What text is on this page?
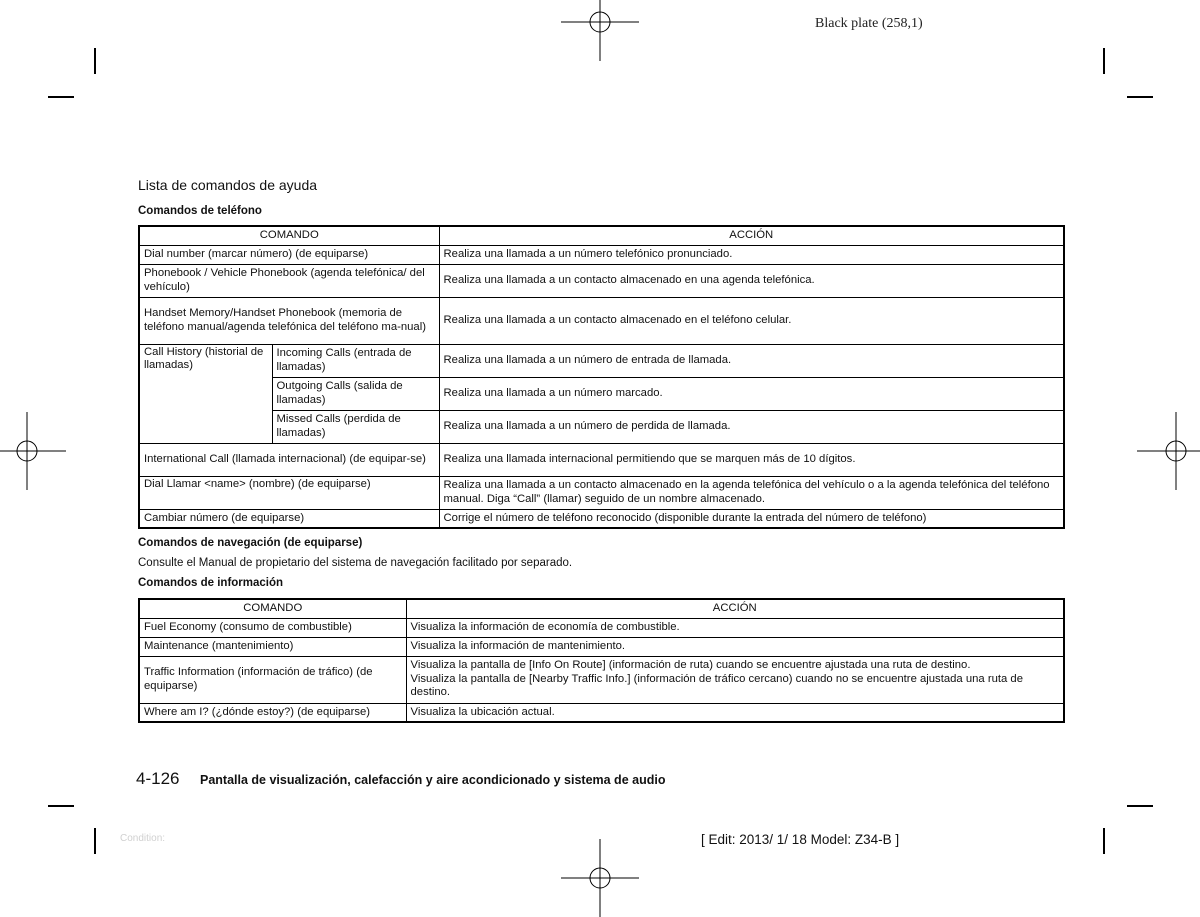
Black plate (258,1)
Lista de comandos de ayuda
Comandos de teléfono
COMANDO		ACCIÓN
Dial number (marcar número) (de equiparse)		Realiza una llamada a un número telefónico pronunciado.
Phonebook / Vehicle Phonebook (agenda telefónica/ del vehículo)		Realiza una llamada a un contacto almacenado en una agenda telefónica.
Handset Memory/Handset Phonebook (memoria de teléfono manual/agenda telefónica del teléfono ma-nual)		Realiza una llamada a un contacto almacenado en el teléfono celular.
Call History (historial de llamadas)	Incoming Calls (entrada de llamadas)	Realiza una llamada a un número de entrada de llamada.
	Outgoing Calls (salida de llamadas)	Realiza una llamada a un número marcado.
	Missed Calls (perdida de llamadas)	Realiza una llamada a un número de perdida de llamada.
International Call (llamada internacional) (de equipar-se)		Realiza una llamada internacional permitiendo que se marquen más de 10 dígitos.
Dial Llamar <name> (nombre) (de equiparse)		Realiza una llamada a un contacto almacenado en la agenda telefónica del vehículo o a la agenda telefónica del teléfono manual. Diga “Call” (llamar) seguido de un nombre almacenado.
Cambiar número (de equiparse)		Corrige el número de teléfono reconocido (disponible durante la entrada del número de teléfono)
Comandos de navegación (de equiparse)
Consulte el Manual de propietario del sistema de navegación facilitado por separado.
Comandos de información
COMANDO	ACCIÓN
Fuel Economy (consumo de combustible)	Visualiza la información de economía de combustible.
Maintenance (mantenimiento)	Visualiza la información de mantenimiento.
Traffic Information (información de tráfico) (de equiparse)	Visualiza la pantalla de [Info On Route] (información de ruta) cuando se encuentre ajustada una ruta de destino.
Visualiza la pantalla de [Nearby Traffic Info.] (información de tráfico cercano) cuando no se encuentre ajustada una ruta de destino.

Where am I? (¿dónde estoy?) (de equiparse)	Visualiza la ubicación actual.
4-126 Pantalla de visualización, calefacción y aire acondicionado y sistema de audio
Condition:	[ Edit: 2013/ 1/ 18 Model: Z34-B ]
